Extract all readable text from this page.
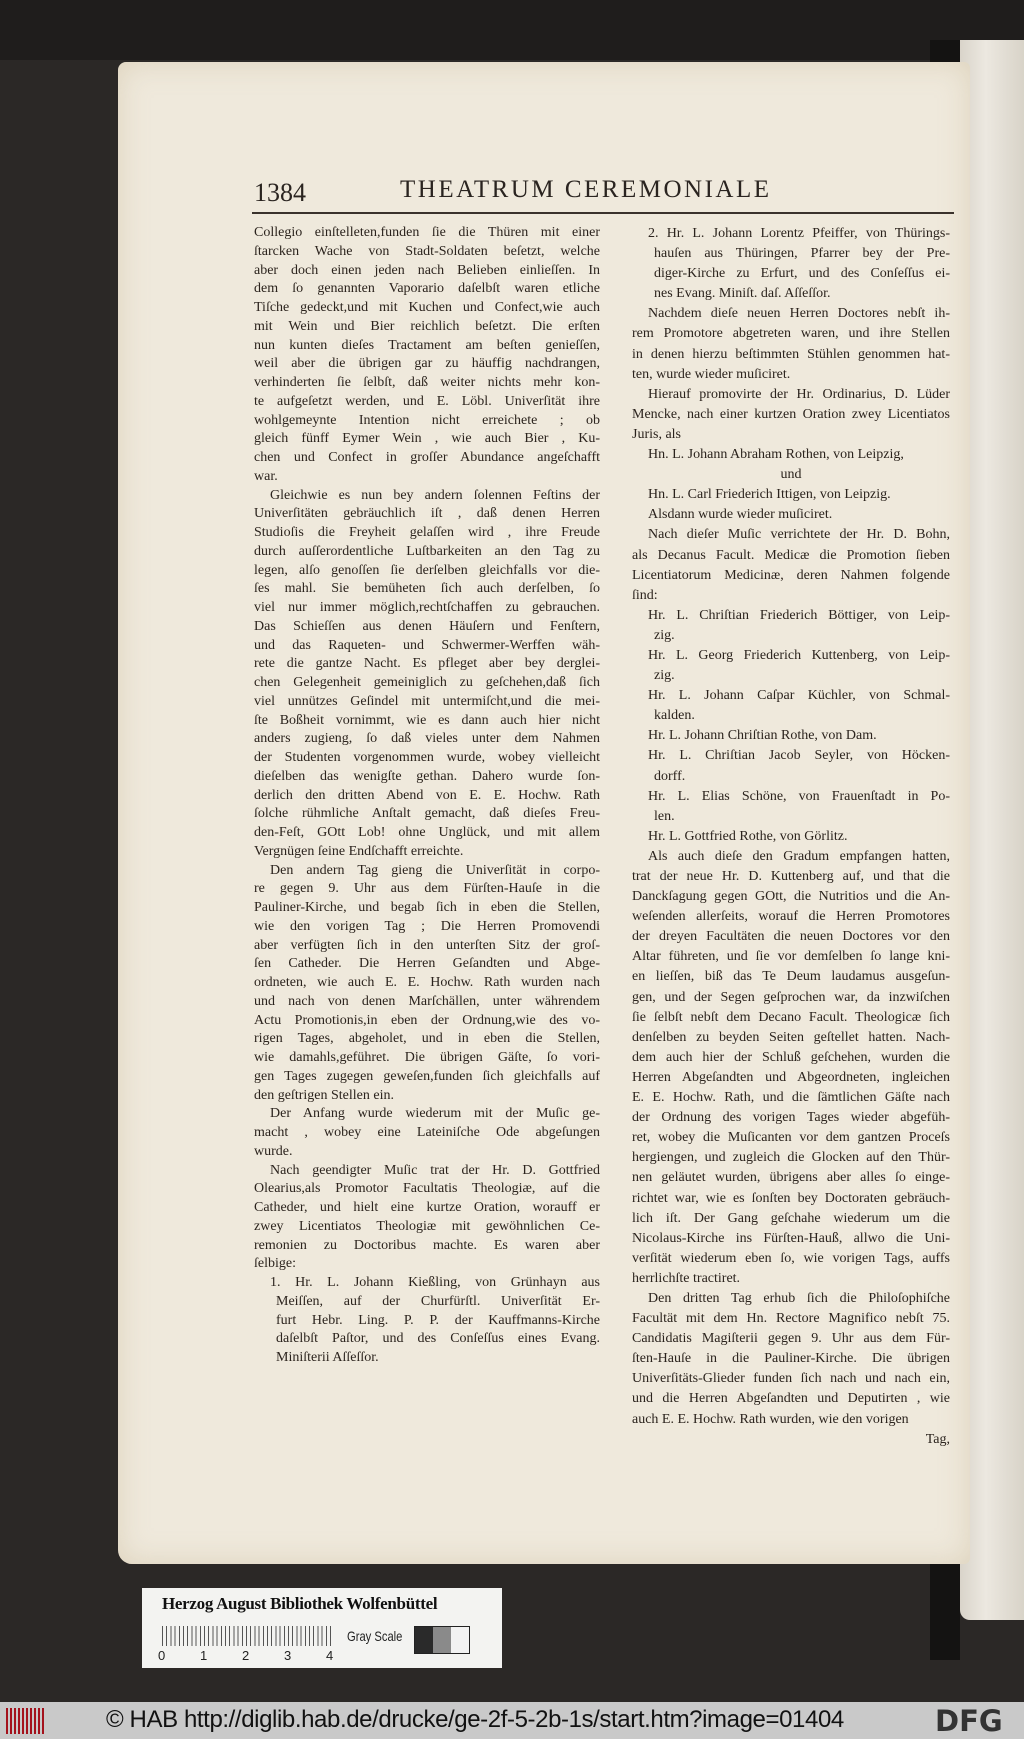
1384	THEATRUM CEREMONIALE
Collegio einſtelleten,funden ſie die Thüren mit einer
ſtarcken Wache von Stadt-Soldaten beſetzt, welche
aber doch einen jeden nach Belieben einlieſſen. In
dem ſo genannten Vaporario daſelbſt waren etliche
Tiſche gedeckt,und mit Kuchen und Confect,wie auch
mit Wein und Bier reichlich beſetzt. Die erſten
nun kunten dieſes Tractament am beſten genieſſen,
weil aber die übrigen gar zu häuffig nachdrangen,
verhinderten ſie ſelbſt, daß weiter nichts mehr kon-
te aufgeſetzt werden, und E. Löbl. Univerſität ihre
wohlgemeynte Intention nicht erreichete ; ob
gleich fünff Eymer Wein , wie auch Bier , Ku-
chen und Confect in groſſer Abundance angeſchafft
war.
Gleichwie es nun bey andern ſolennen Feſtins der
Univerſitäten gebräuchlich iſt , daß denen Herren
Studioſis die Freyheit gelaſſen wird , ihre Freude
durch auſſerordentliche Luſtbarkeiten an den Tag zu
legen, alſo genoſſen ſie derſelben gleichfalls vor die-
ſes mahl. Sie bemüheten ſich auch derſelben, ſo
viel nur immer möglich,rechtſchaffen zu gebrauchen.
Das Schieſſen aus denen Häuſern und Fenſtern,
und das Raqueten- und Schwermer-Werffen wäh-
rete die gantze Nacht. Es pfleget aber bey derglei-
chen Gelegenheit gemeiniglich zu geſchehen,daß ſich
viel unnützes Geſindel mit untermiſcht,und die mei-
ſte Boßheit vornimmt, wie es dann auch hier nicht
anders zugieng, ſo daß vieles unter dem Nahmen
der Studenten vorgenommen wurde, wobey vielleicht
dieſelben das wenigſte gethan. Dahero wurde ſon-
derlich den dritten Abend von E. E. Hochw. Rath
ſolche rühmliche Anſtalt gemacht, daß dieſes Freu-
den-Feſt, GOtt Lob! ohne Unglück, und mit allem
Vergnügen ſeine Endſchafft erreichte.
Den andern Tag gieng die Univerſität in corpo-
re gegen 9. Uhr aus dem Fürſten-Hauſe in die
Pauliner-Kirche, und begab ſich in eben die Stellen,
wie den vorigen Tag ; Die Herren Promovendi
aber verfügten ſich in den unterſten Sitz der groſ-
ſen Catheder. Die Herren Geſandten und Abge-
ordneten, wie auch E. E. Hochw. Rath wurden nach
und nach von denen Marſchällen, unter währendem
Actu Promotionis,in eben der Ordnung,wie des vo-
rigen Tages, abgeholet, und in eben die Stellen,
wie damahls,geführet. Die übrigen Gäſte, ſo vori-
gen Tages zugegen geweſen,funden ſich gleichfalls auf
den geſtrigen Stellen ein.
Der Anfang wurde wiederum mit der Muſic ge-
macht , wobey eine Lateiniſche Ode abgeſungen
wurde.
Nach geendigter Muſic trat der Hr. D. Gottfried
Olearius,als Promotor Facultatis Theologiæ, auf die
Catheder, und hielt eine kurtze Oration, worauff er
zwey Licentiatos Theologiæ mit gewöhnlichen Ce-
remonien zu Doctoribus machte. Es waren aber
ſelbige:
1. Hr. L. Johann Kießling, von Grünhayn aus
Meiſſen, auf der Churfürſtl. Univerſität Er-
furt Hebr. Ling. P. P. der Kauffmanns-Kirche
daſelbſt Paſtor, und des Conſeſſus eines Evang.
Miniſterii Aſſeſſor.
2. Hr. L. Johann Lorentz Pfeiffer, von Thürings-
hauſen aus Thüringen, Pfarrer bey der Pre-
diger-Kirche zu Erfurt, und des Conſeſſus ei-
nes Evang. Miniſt. daſ. Aſſeſſor.
Nachdem dieſe neuen Herren Doctores nebſt ih-
rem Promotore abgetreten waren, und ihre Stellen
in denen hierzu beſtimmten Stühlen genommen hat-
ten, wurde wieder muſiciret.
Hierauf promovirte der Hr. Ordinarius, D. Lüder
Mencke, nach einer kurtzen Oration zwey Licentiatos
Juris, als
Hn. L. Johann Abraham Rothen, von Leipzig,
und
Hn. L. Carl Friederich Ittigen, von Leipzig.
Alsdann wurde wieder muſiciret.
Nach dieſer Muſic verrichtete der Hr. D. Bohn,
als Decanus Facult. Medicæ die Promotion ſieben
Licentiatorum Medicinæ, deren Nahmen folgende
ſind:
Hr. L. Chriſtian Friederich Böttiger, von Leip-
zig.
Hr. L. Georg Friederich Kuttenberg, von Leip-
zig.
Hr. L. Johann Caſpar Küchler, von Schmal-
kalden.
Hr. L. Johann Chriſtian Rothe, von Dam.
Hr. L. Chriſtian Jacob Seyler, von Höcken-
dorff.
Hr. L. Elias Schöne, von Frauenſtadt in Po-
len.
Hr. L. Gottfried Rothe, von Görlitz.
Als auch dieſe den Gradum empfangen hatten,
trat der neue Hr. D. Kuttenberg auf, und that die
Danckſagung gegen GOtt, die Nutritios und die An-
weſenden allerſeits, worauf die Herren Promotores
der dreyen Facultäten die neuen Doctores vor den
Altar führeten, und ſie vor demſelben ſo lange kni-
en lieſſen, biß das Te Deum laudamus ausgeſun-
gen, und der Segen geſprochen war, da inzwiſchen
ſie ſelbſt nebſt dem Decano Facult. Theologicæ ſich
denſelben zu beyden Seiten geſtellet hatten. Nach-
dem auch hier der Schluß geſchehen, wurden die
Herren Abgeſandten und Abgeordneten, ingleichen
E. E. Hochw. Rath, und die ſämtlichen Gäſte nach
der Ordnung des vorigen Tages wieder abgefüh-
ret, wobey die Muſicanten vor dem gantzen Proceſs
hergiengen, und zugleich die Glocken auf den Thür-
nen geläutet wurden, übrigens aber alles ſo einge-
richtet war, wie es ſonſten bey Doctoraten gebräuch-
lich iſt. Der Gang geſchahe wiederum um die
Nicolaus-Kirche ins Fürſten-Hauß, allwo die Uni-
verſität wiederum eben ſo, wie vorigen Tags, auffs
herrlichſte tractiret.
Den dritten Tag erhub ſich die Philoſophiſche
Facultät mit dem Hn. Rectore Magnifico nebſt 75.
Candidatis Magiſterii gegen 9. Uhr aus dem Für-
ſten-Hauſe in die Pauliner-Kirche. Die übrigen
Univerſitäts-Glieder funden ſich nach und nach ein,
und die Herren Abgeſandten und Deputirten , wie
auch E. E. Hochw. Rath wurden, wie den vorigen
Tag,
Herzog August Bibliothek Wolfenbüttel
0	1	2	3	4
Gray Scale
© HAB http://diglib.hab.de/drucke/ge-2f-5-2b-1s/start.htm?image=01404	DFG
